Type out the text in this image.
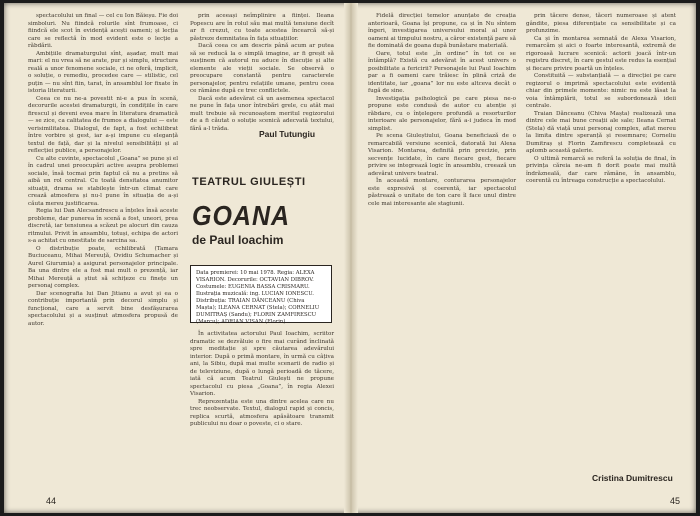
spectacolului un final — cel cu Ion Băieșu. Fie doi simboluri. Nu fiindcă rolurile sînt frumoase, ci fiindcă ele scot în evidență acești oameni; și lecția care se reflectă în mod evident este o lecție a răbdării.

Ambițiile dramaturgului sînt, așadar, mult mai mari: el nu vrea să ne arate, pur și simplu, structura reală a unor fenomene sociale, ci ne oferă, implicit, o soluție, o remediu, procedee care — stilistic, cel puțin — nu sînt fiin, tarat, în ansamblul lor fixate în istoria literaturii.

Ceea ce nu ne-a povestit ni-e a pus în scenă, decorurile acestei dramaturgii, în condițiile în care firescul și deveni evea mare în literatura dramatică — se zice, ca calitatea de frumos a dialogului — este verisimilitatea. Dialogul, de fapt, a fost echilibrat între vorbire și gest, iar a-și impune cu eleganță textul de față, dar și la nivelul sensibilității și al reflecției publice, a personajelor.

Cu alte cuvinte, spectacolul „Goana” se pune și el în cadrul unei preocupări active asupra problemei sociale, însă tocmai prin faptul că nu a pretins să aibă un rol central. Cu toată densitatea anumitor situații, drama se stabilește într-un climat care crează atmosfera și nu-l pune în situația de a-și căuta mereu justificarea.

Regia lui Dan Alecsandrescu a înțeles însă aceste probleme, dar punerea în scenă a fost, uneori, prea discretă, iar tensiunea a scăzut pe alocuri din cauza ritmului. Privit în ansamblu, totuși, echipa de actori s-a achitat cu onestitate de sarcina sa.

O distribuție poate, echilibrată (Tamara Buciuceanu, Mihai Mereuță, Ovidiu Schumacher și Aurel Giurumia) a asigurat personajelor principale. Ba una dintre ele a fost mai mult o prezență, iar Mihai Mereuță a știut să schițeze cu finețe un personaj complex.

Dar scenografia lui Dan Jitianu a avut și ea o contribuție importantă prin decorul simplu și funcțional, care a servit bine desfășurarea spectacolului și a susținut atmosfera propusă de autor.

prin aceeași neîmplinire a ființei. Ileana Popescu are în rolul său mai multă tensiune decît ar fi crezut, cu toate acestea încearcă să-și păstreze demnitatea în fața situațiilor.

Dacă ceea ce am descris până acum ar putea să se reducă la o simplă imagine, ar fi greșit să susținem că autorul nu aduce în discuție și alte elemente ale vieții sociale. Se observă o preocupare constantă pentru caracterele personajelor, pentru relațiile umane, pentru ceea ce rămâne după ce trec conflictele.

Dacă este adevărat că un asemenea spectacol ne pune în fața unor întrebări grele, cu atât mai mult trebuie să recunoaștem meritul regizorului de a fi căutat o soluție scenică adecvată textului, fără a-l trăda.

Paul Tutungiu
TEATRUL GIULEȘTI
GOANA
de Paul Ioachim
Data premierei: 10 mai 1978. Regia: ALEXA VISARION. Decorurile: OCTAVIAN DIBROV. Costumele: EUGENIA BASSA CRISMARU. Ilustrația muzicală: ing. LUCIAN IONESCU. Distribuția: TRAIAN DĂNCEANU (Chiva Mașta); ILEANA CERNAT (Stela); CORNELIU DUMITRAȘ (Sandu); FLORIN ZAMFIRESCU (Marcu); ADRIAN VISAN (Florin).

În activitatea actorului Paul Ioachim, scriitor dramatic se dezvăluie o fire mai curând înclinată spre meditație și spre căutarea adevărului interior. După o primă montare, în urmă cu câțiva ani, la Sibiu, după mai multe scenarii de radio și de televiziune, după o lungă perioadă de tăcere, iată că acum Teatrul Giulești ne propune spectacolul cu piesa „Goana”, în regia Alexei Visarion.

Reprezentația este una dintre acelea care nu trec neobservate. Textul, dialogul rapid și concis, replica scurtă, atmosfera apăsătoare transmit publicului nu doar o poveste, ci o stare.

44

Fidelă direcției temelor anunțate de creația anterioară, Goana își propune, ca și în Nu sîntem îngeri, investigarea universului moral al unor oameni ai timpului nostru, a căror existență pare să fie dominată de goana după bunăstare materială.

Oare, totul este „în ordine” în tot ce se întâmplă? Există cu adevărat în acest univers o posibilitate a fericirii? Personajele lui Paul Ioachim par a fi oameni care trăiesc în plină criză de identitate, iar „goana” lor nu este altceva decât o fugă de sine.

Investigația psihologică pe care piesa ne-o propune este condusă de autor cu atenție și răbdare, cu o înțelegere profundă a resorturilor interioare ale personajelor, fără a-i judeca în mod simplist.

Pe scena Giuleștiului, Goana beneficiază de o remarcabilă versiune scenică, datorată lui Alexa Visarion. Montarea, definită prin precizie, prin secvențe lucidate, în care fiecare gest, fiecare privire se integrează logic în ansamblu, creează un adevărat univers teatral.

În această montare, conturarea personajelor este expresivă și coerentă, iar spectacolul păstrează o unitate de ton care îl face unul dintre cele mai interesante ale stagiunii.

prin tăcere dense, tăceri numeroase și atent gândite, piesa diferențiate ca sensibilitate și ca profunzime.

Ca și în montarea semnată de Alexa Visarion, remarcăm și aici o foarte interesantă, extremă de rigoroasă lucrare scenică: actorii joacă într-un registru discret, în care gestul este redus la esențial și fiecare privire poartă un înțeles.

Constituită — substanțială — a direcției pe care regizorul o imprimă spectacolului este evidentă chiar din primele momente: nimic nu este lăsat la voia întâmplării, totul se subordonează ideii centrale.

Traian Dănceanu (Chiva Mașta) realizează una dintre cele mai bune creații ale sale; Ileana Cernat (Stela) dă viață unui personaj complex, aflat mereu la limita dintre speranță și resemnare; Corneliu Dumitraș și Florin Zamfirescu completează cu aplomb această galerie.

O ultimă remarcă se referă la soluția de final, în privința căreia ne-am fi dorit poate mai multă îndrăzneală, dar care rămâne, în ansamblu, coerentă cu întreaga construcție a spectacolului.

Cristina Dumitrescu
45
